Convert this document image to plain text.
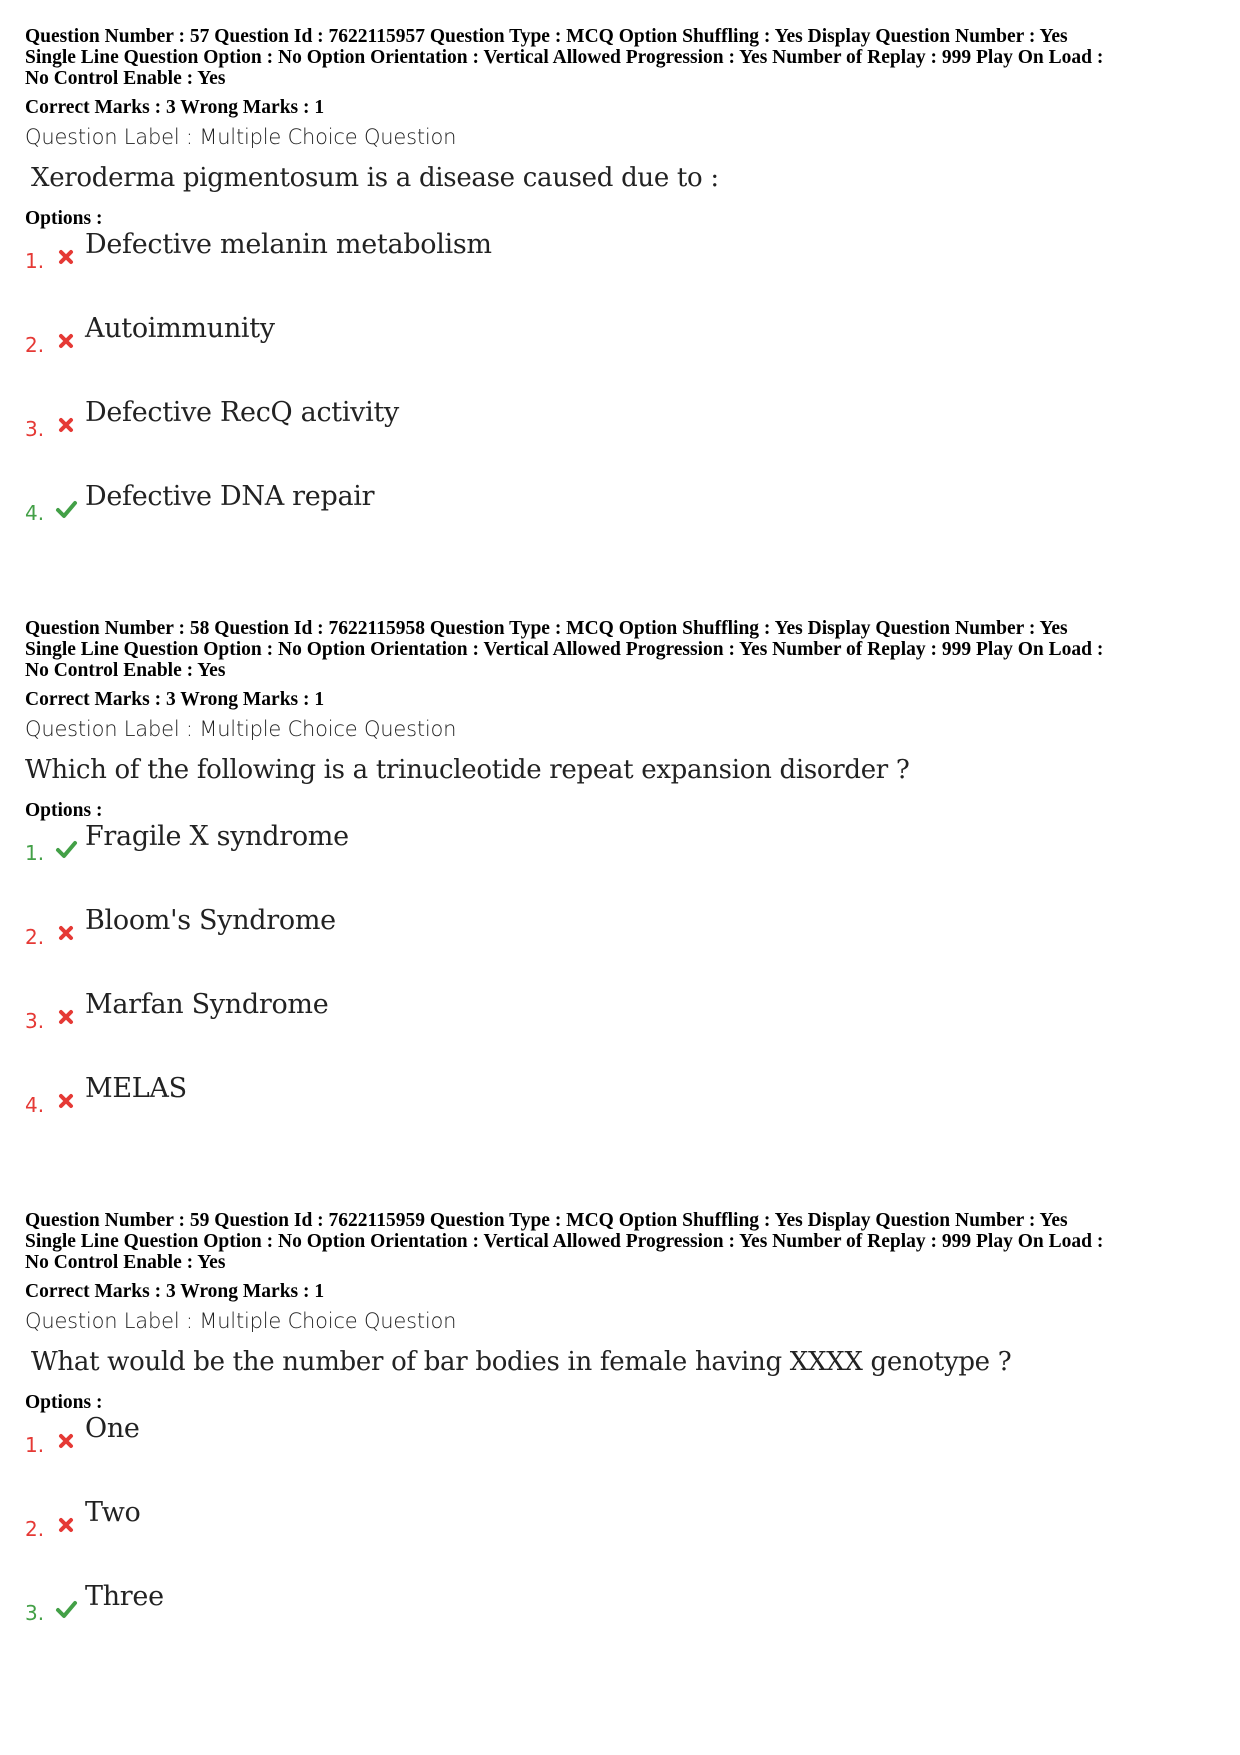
Question Number : 57 Question Id : 7622115957 Question Type : MCQ Option Shuffling : Yes Display Question Number : Yes
Single Line Question Option : No Option Orientation : Vertical Allowed Progression : Yes Number of Replay : 999 Play On Load :
No Control Enable : Yes
Correct Marks : 3 Wrong Marks : 1
Question Label : Multiple Choice Question
Xeroderma pigmentosum is a disease caused due to :
Options :
1.
Defective melanin metabolism
2.
Autoimmunity
3.
Defective RecQ activity
4.
Defective DNA repair
Question Number : 58 Question Id : 7622115958 Question Type : MCQ Option Shuffling : Yes Display Question Number : Yes
Single Line Question Option : No Option Orientation : Vertical Allowed Progression : Yes Number of Replay : 999 Play On Load :
No Control Enable : Yes
Correct Marks : 3 Wrong Marks : 1
Question Label : Multiple Choice Question
Which of the following is a trinucleotide repeat expansion disorder ?
Options :
1.
Fragile X syndrome
2.
Bloom's Syndrome
3.
Marfan Syndrome
4.
MELAS
Question Number : 59 Question Id : 7622115959 Question Type : MCQ Option Shuffling : Yes Display Question Number : Yes
Single Line Question Option : No Option Orientation : Vertical Allowed Progression : Yes Number of Replay : 999 Play On Load :
No Control Enable : Yes
Correct Marks : 3 Wrong Marks : 1
Question Label : Multiple Choice Question
What would be the number of bar bodies in female having XXXX genotype ?
Options :
1.
One
2.
Two
3.
Three
